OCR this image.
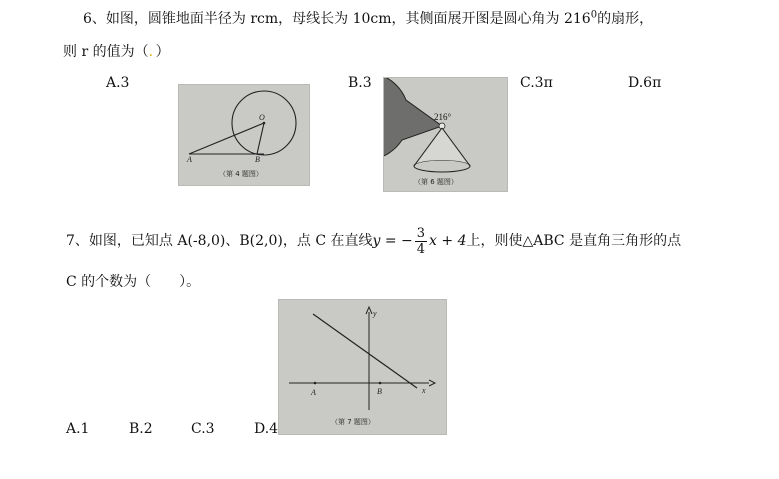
6、如图，圆锥地面半径为 rcm，母线长为 10cm，其侧面展开图是圆心角为 $216^0$的扇形，
则 r 的值为（．）
A.3	B.3	C.3π	D.6π
O
A	B
（第 4 题图）
216°
（第 6 题图）
7、如图，已知点 A(-8,0)、B(2,0)，点 C 在直线y = − $\frac{3}{4}$ x + 4上，则使△ABC 是直角三角形的点
C 的个数为（　　）。
y
x
A	B
（第 7 题图）
A.1	B.2	C.3	D.4
